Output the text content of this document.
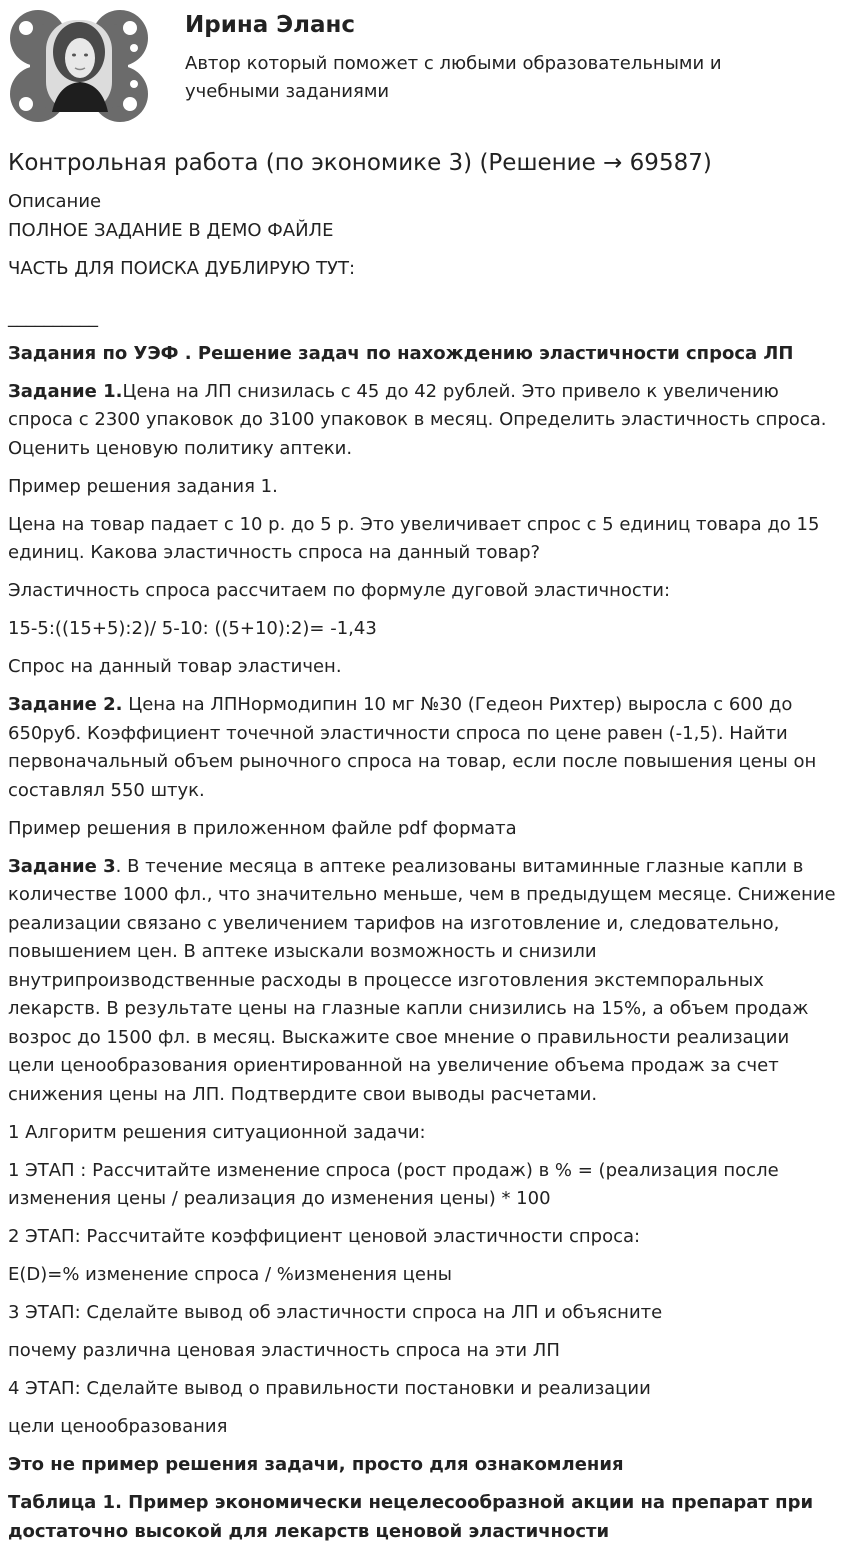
Ирина Эланс

Автор который поможет с любыми образовательными и учебными заданиями

Контрольная работа (по экономике 3) (Решение → 69587)
Описание
ПОЛНОЕ ЗАДАНИЕ В ДЕМО ФАЙЛЕ
ЧАСТЬ ДЛЯ ПОИСКА ДУБЛИРУЮ ТУТ:
__________
Задания по УЭФ . Решение задач по нахождению эластичности спроса ЛП
Задание 1.Цена на ЛП снизилась с 45 до 42 рублей. Это привело к увеличению спроса с 2300 упаковок до 3100 упаковок в месяц. Определить эластичность спроса. Оценить ценовую политику аптеки.
Пример решения задания 1.
Цена на товар падает с 10 р. до 5 р. Это увеличивает спрос с 5 единиц товара до 15 единиц. Какова эластичность спроса на данный товар?
Эластичность спроса рассчитаем по формуле дуговой эластичности:
15-5:((15+5):2)/ 5-10: ((5+10):2)= -1,43
Спрос на данный товар эластичен.
Задание 2. Цена на ЛПНормодипин 10 мг №30 (Гедеон Рихтер) выросла с 600 до 650руб. Коэффициент точечной эластичности спроса по цене равен (-1,5). Найти первоначальный объем рыночного спроса на товар, если после повышения цены он составлял 550 штук.
Пример решения в приложенном файле pdf формата
Задание 3. В течение месяца в аптеке реализованы витаминные глазные капли в количестве 1000 фл., что значительно меньше, чем в предыдущем месяце. Снижение реализации связано с увеличением тарифов на изготовление и, следовательно, повышением цен. В аптеке изыскали возможность и снизили внутрипроизводственные расходы в процессе изготовления экстемпоральных лекарств. В результате цены на глазные капли снизились на 15%, а объем продаж возрос до 1500 фл. в месяц. Выскажите свое мнение о правильности реализации цели ценообразования ориентированной на увеличение объема продаж за счет снижения цены на ЛП. Подтвердите свои выводы расчетами.
1 Алгоритм решения ситуационной задачи:
1 ЭТАП : Рассчитайте изменение спроса (рост продаж) в % = (реализация после изменения цены / реализация до изменения цены) * 100
2 ЭТАП: Рассчитайте коэффициент ценовой эластичности спроса:
E(D)=% изменение спроса / %изменения цены
3 ЭТАП: Сделайте вывод об эластичности спроса на ЛП и объясните
почему различна ценовая эластичность спроса на эти ЛП
4 ЭТАП: Сделайте вывод о правильности постановки и реализации
цели ценообразования
Это не пример решения задачи, просто для ознакомления
Таблица 1. Пример экономически нецелесообразной акции на препарат при достаточно высокой для лекарств ценовой эластичности
